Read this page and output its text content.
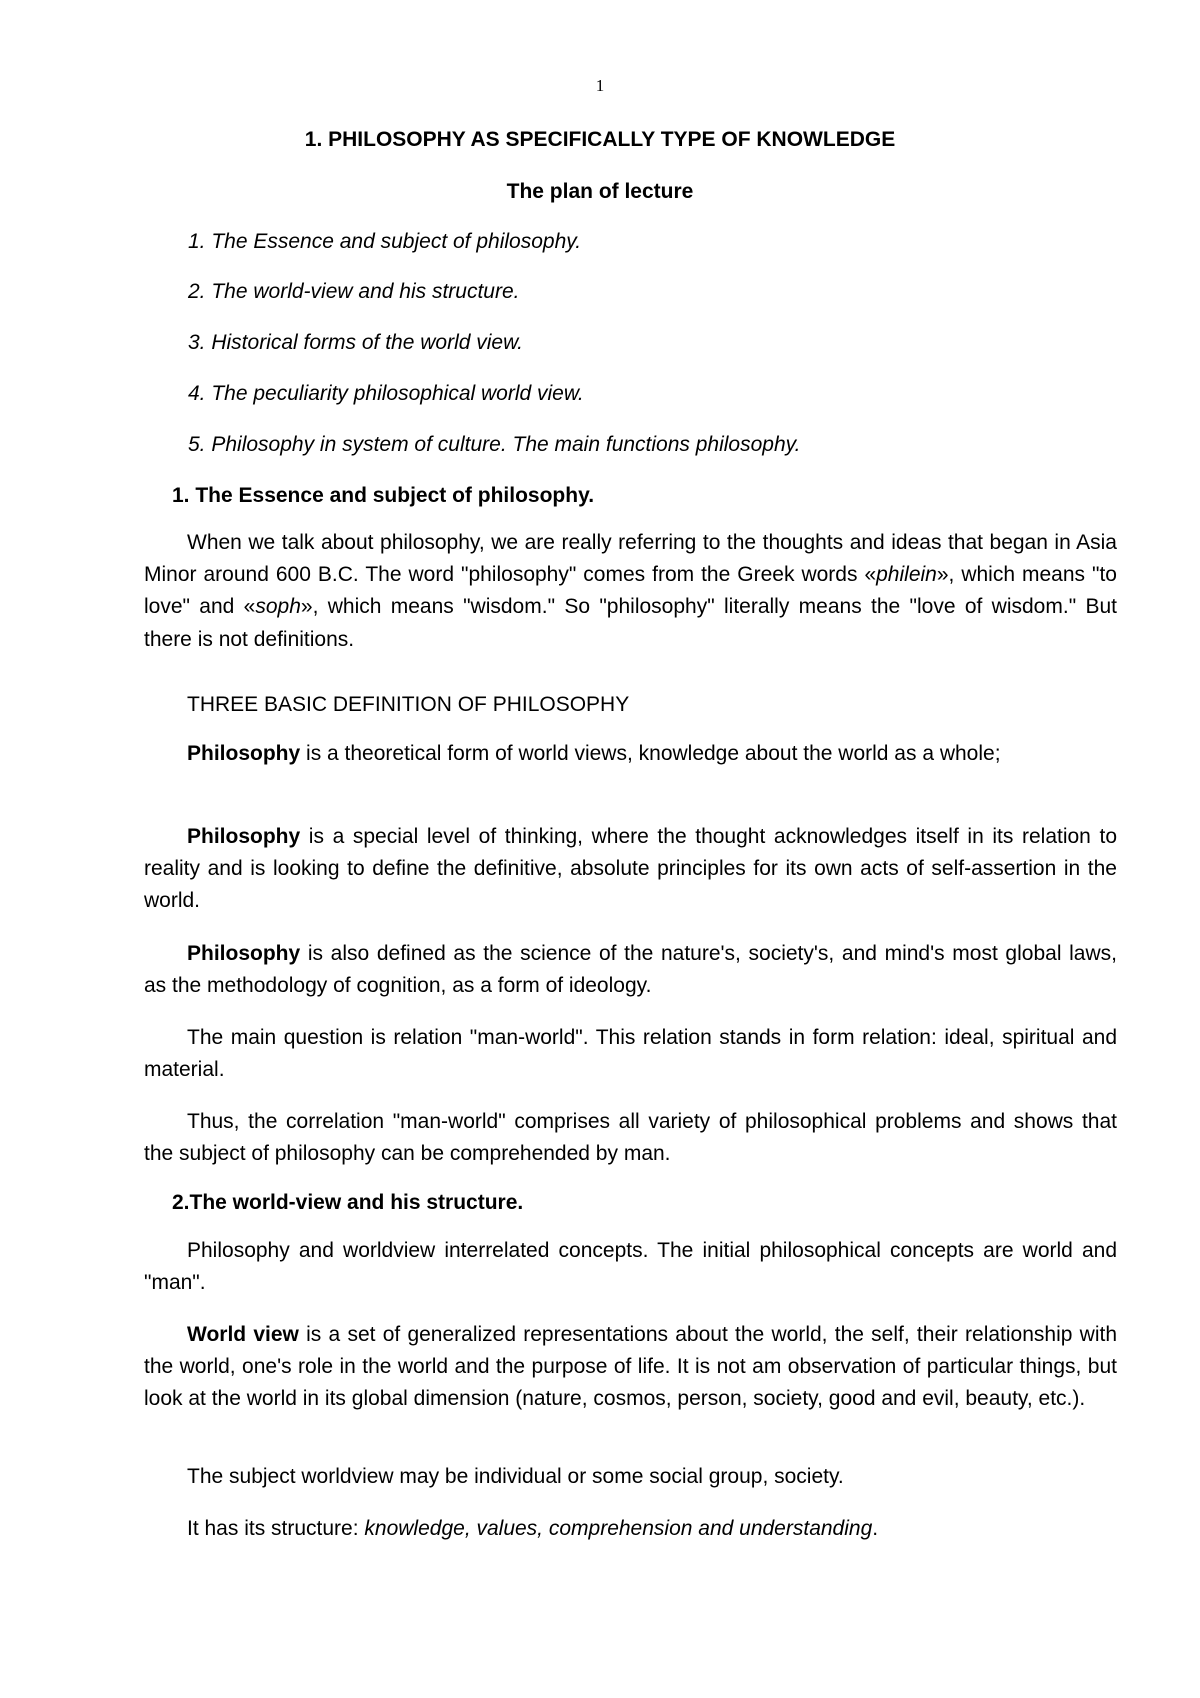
1
1. PHILOSOPHY AS SPECIFICALLY TYPE OF KNOWLEDGE
The plan of lecture
1. The Essence and subject of philosophy.
2. The world-view and his structure.
3. Historical forms of the world view.
4. The peculiarity philosophical world view.
5. Philosophy in system of culture. The main functions philosophy.
1. The Essence and subject of philosophy.
When we talk about philosophy, we are really referring to the thoughts and ideas that began in Asia Minor around 600 B.C. The word "philosophy" comes from the Greek words «philein», which means "to love" and «soph», which means "wisdom." So "philosophy" literally means the "love of wisdom." But there is not definitions.
THREE BASIC DEFINITION OF PHILOSOPHY
Philosophy is a theoretical form of world views, knowledge about the world as a whole;
Philosophy is a special level of thinking, where the thought acknowledges itself in its relation to reality and is looking to define the definitive, absolute principles for its own acts of self-assertion in the world.
Philosophy is also defined as the science of the nature's, society's, and mind's most global laws, as the methodology of cognition, as a form of ideology.
The main question is relation "man-world". This relation stands in form relation: ideal, spiritual and material.
Thus, the correlation "man-world" comprises all variety of philosophical problems and shows that the subject of philosophy can be comprehended by man.
2.The world-view and his structure.
Philosophy and worldview interrelated concepts. The initial philosophical concepts are world and "man".
World view is a set of generalized representations about the world, the self, their relationship with the world, one's role in the world and the purpose of life. It is not am observation of particular things, but look at the world in its global dimension (nature, cosmos, person, society, good and evil, beauty, etc.).
The subject worldview may be individual or some social group, society.
It has its structure: knowledge, values, comprehension and understanding.
